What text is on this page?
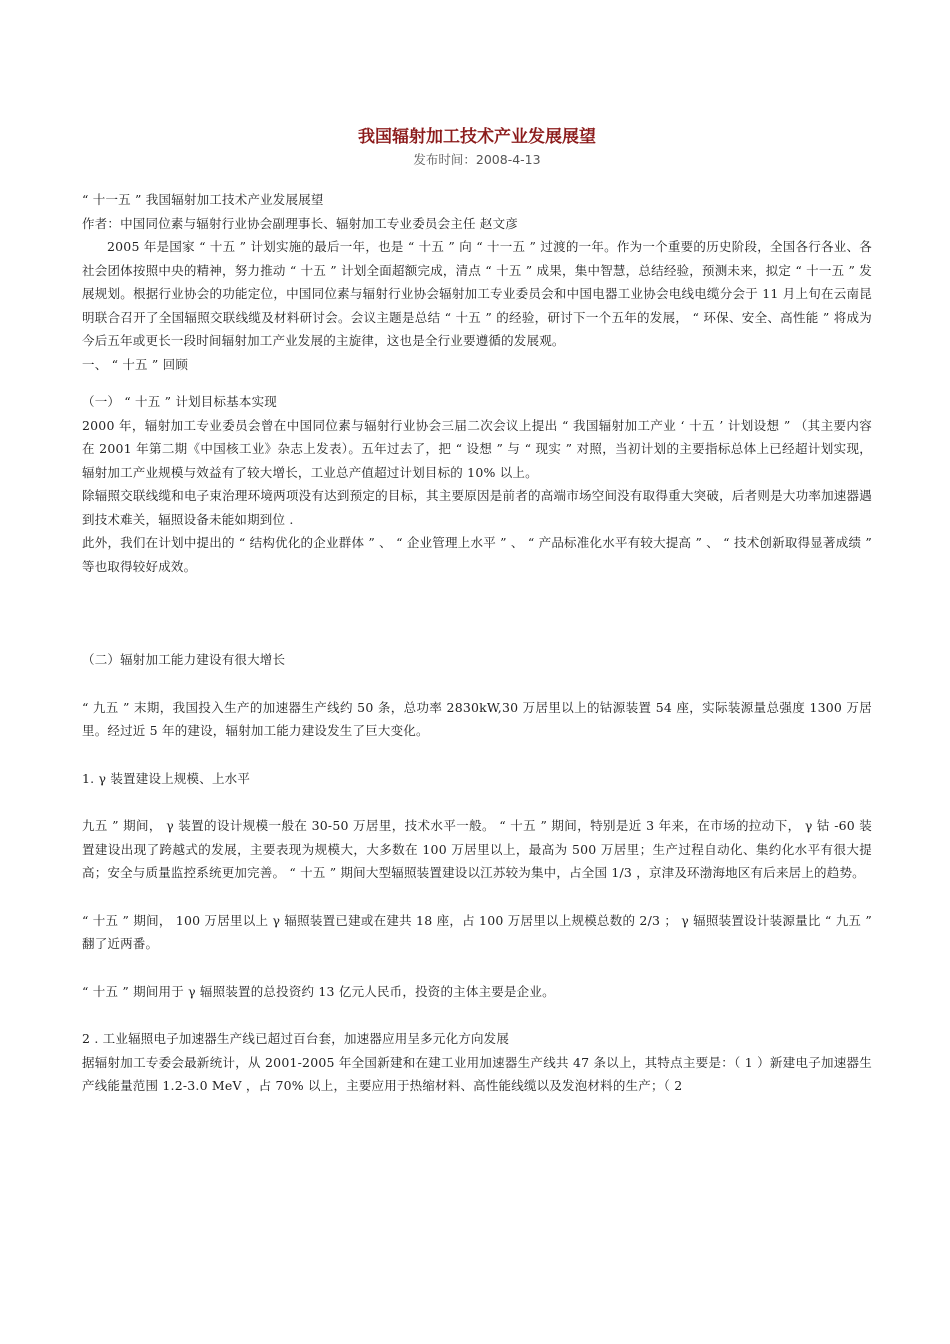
我国辐射加工技术产业发展展望
发布时间：2008-4-13

“ 十一五 ” 我国辐射加工技术产业发展展望

作者：中国同位素与辐射行业协会副理事长、辐射加工专业委员会主任 赵文彦

2005 年是国家 “ 十五 ” 计划实施的最后一年，也是 “ 十五 ” 向 “ 十一五 ” 过渡的一年。作为一个重要的历史阶段，全国各行各业、各社会团体按照中央的精神，努力推动 “ 十五 ” 计划全面超额完成，清点 “ 十五 ” 成果，集中智慧，总结经验，预测未来，拟定 “ 十一五 ” 发展规划。根据行业协会的功能定位，中国同位素与辐射行业协会辐射加工专业委员会和中国电器工业协会电线电缆分会于 11 月上旬在云南昆明联合召开了全国辐照交联线缆及材料研讨会。会议主题是总结 “ 十五 ” 的经验，研讨下一个五年的发展， “ 环保、安全、高性能 ” 将成为今后五年或更长一段时间辐射加工产业发展的主旋律，这也是全行业要遵循的发展观。

一、 “ 十五 ” 回顾

（一） “ 十五 ” 计划目标基本实现

2000 年，辐射加工专业委员会曾在中国同位素与辐射行业协会三届二次会议上提出 “ 我国辐射加工产业 ‘ 十五 ’ 计划设想 ” （其主要内容在 2001 年第二期《中国核工业》杂志上发表）。五年过去了，把 “ 设想 ” 与 “ 现实 ” 对照，当初计划的主要指标总体上已经超计划实现，辐射加工产业规模与效益有了较大增长，工业总产值超过计划目标的 10% 以上。

除辐照交联线缆和电子束治理环境两项没有达到预定的目标，其主要原因是前者的高端市场空间没有取得重大突破，后者则是大功率加速器遇到技术难关，辐照设备未能如期到位 .

此外，我们在计划中提出的 “ 结构优化的企业群体 ” 、 “ 企业管理上水平 ” 、 “ 产品标准化水平有较大提高 ” 、 “ 技术创新取得显著成绩 ” 等也取得较好成效。

（二）辐射加工能力建设有很大增长

“ 九五 ” 末期，我国投入生产的加速器生产线约 50 条，总功率 2830kW,30 万居里以上的钴源装置 54 座，实际装源量总强度 1300 万居里。经过近 5 年的建设，辐射加工能力建设发生了巨大变化。

1. γ 装置建设上规模、上水平

九五 ” 期间， γ 装置的设计规模一般在 30-50 万居里，技术水平一般。 “ 十五 ” 期间，特别是近 3 年来，在市场的拉动下， γ 钴 -60 装置建设出现了跨越式的发展，主要表现为规模大，大多数在 100 万居里以上，最高为 500 万居里；生产过程自动化、集约化水平有很大提高；安全与质量监控系统更加完善。 “ 十五 ” 期间大型辐照装置建设以江苏较为集中，占全国 1/3 ，京津及环渤海地区有后来居上的趋势。

“ 十五 ” 期间， 100 万居里以上 γ 辐照装置已建或在建共 18 座，占 100 万居里以上规模总数的 2/3 ； γ 辐照装置设计装源量比 “ 九五 ” 翻了近两番。

“ 十五 ” 期间用于 γ 辐照装置的总投资约 13 亿元人民币，投资的主体主要是企业。

2 . 工业辐照电子加速器生产线已超过百台套，加速器应用呈多元化方向发展

据辐射加工专委会最新统计，从 2001-2005 年全国新建和在建工业用加速器生产线共 47 条以上，其特点主要是：（ 1 ）新建电子加速器生产线能量范围 1.2-3.0 MeV ，占 70% 以上，主要应用于热缩材料、高性能线缆以及发泡材料的生产；（ 2
